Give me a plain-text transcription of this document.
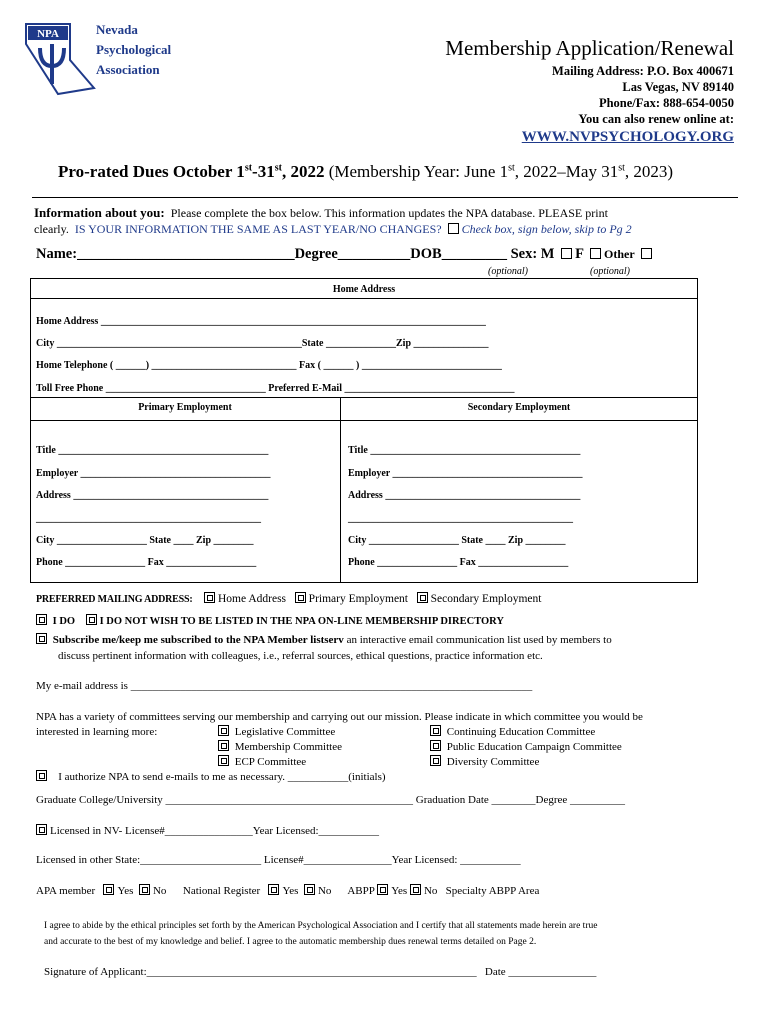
NPA	Nevada
Psychological
Association
Membership Application/Renewal
Mailing Address: P.O. Box 400671
Las Vegas, NV 89140
Phone/Fax: 888-654-0050
You can also renew online at:
WWW.NVPSYCHOLOGY.ORG
Pro-rated Dues October 1st-31st, 2022 (Membership Year: June 1st, 2022–May 31st, 2023)
Information about you: Please complete the box below. This information updates the NPA database. PLEASE print
clearly. IS YOUR INFORMATION THE SAME AS LAST YEAR/NO CHANGES? Check box, sign below, skip to Pg 2
Name:______________________________Degree__________DOB_________ Sex: M F Other
(optional)	(optional)
Home Address
Home Address _____________________________________________________________________________
City _________________________________________________State ______________Zip _______________
Home Telephone ( ______) _____________________________ Fax ( ______ ) ____________________________
Toll Free Phone ________________________________ Preferred E-Mail __________________________________
Primary Employment	Secondary Employment
Title __________________________________________
Employer ______________________________________
Address _______________________________________
_____________________________________________
City __________________ State ____ Zip ________
Phone ________________ Fax __________________
Title __________________________________________
Employer ______________________________________
Address _______________________________________
_____________________________________________
City __________________ State ____ Zip ________
Phone ________________ Fax __________________
PREFERRED MAILING ADDRESS: Home Address Primary Employment Secondary Employment
I DO I DO NOT WISH TO BE LISTED IN THE NPA ON-LINE MEMBERSHIP DIRECTORY
Subscribe me/keep me subscribed to the NPA Member listserv an interactive email communication list used by members to
discuss pertinent information with colleagues, i.e., referral sources, ethical questions, practice information etc.
My e-mail address is _________________________________________________________________________
NPA has a variety of committees serving our membership and carrying out our mission. Please indicate in which committee you would be
interested in learning more:	Legislative Committee
Membership Committee
ECP Committee
Continuing Education Committee
Public Education Campaign Committee
Diversity Committee
I authorize NPA to send e-mails to me as necessary. ___________(initials)
Graduate College/University _____________________________________________ Graduation Date ________Degree __________
Licensed in NV- License#________________Year Licensed:___________
Licensed in other State:______________________ License#________________Year Licensed: ___________
APA member Yes No National Register Yes No ABPP Yes No Specialty ABPP Area
I agree to abide by the ethical principles set forth by the American Psychological Association and I certify that all statements made herein are true
and accurate to the best of my knowledge and belief. I agree to the automatic membership dues renewal terms detailed on Page 2.
Signature of Applicant:____________________________________________________________ Date ________________
